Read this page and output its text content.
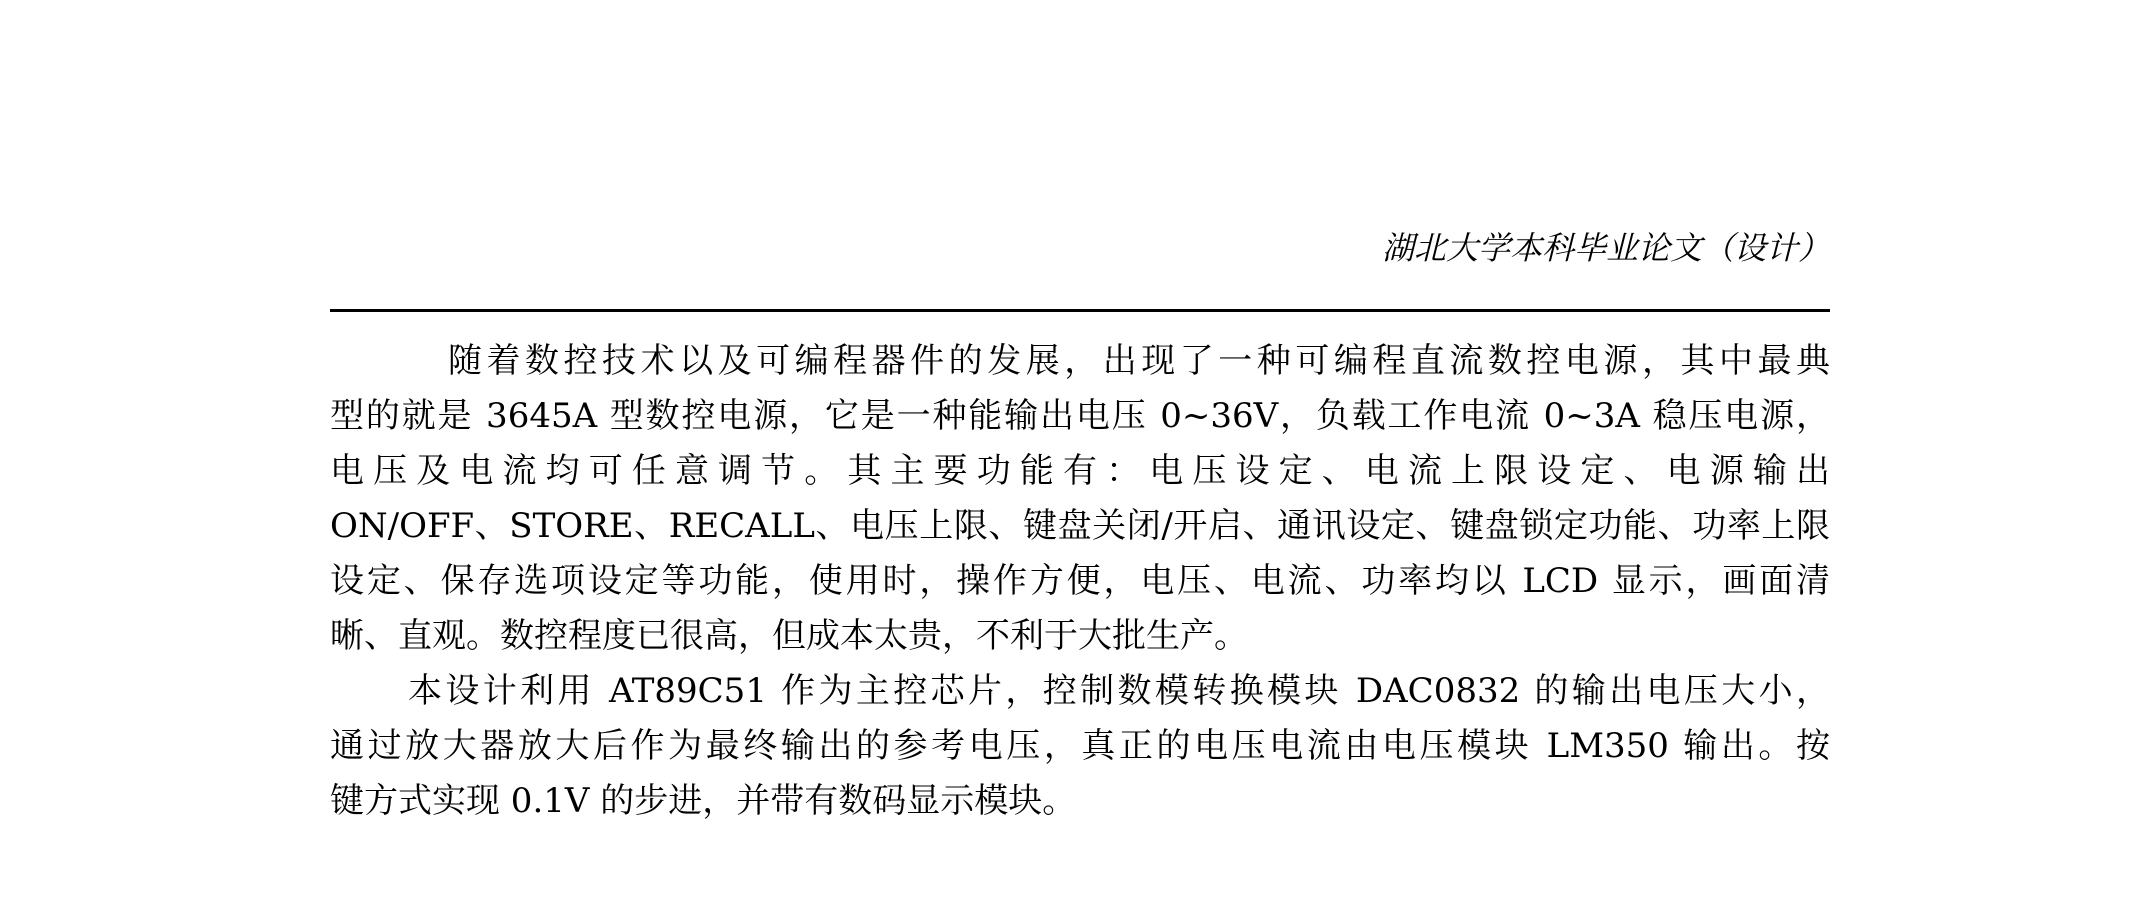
湖北大学本科毕业论文（设计）
随着数控技术以及可编程器件的发展，出现了一种可编程直流数控电源，其中最典
型的就是 3645A 型数控电源，它是一种能输出电压 0~36V，负载工作电流 0~3A 稳压电源，
电压及电流均可任意调节。其主要功能有：电压设定、电流上限设定、电源输出
ON/OFF、STORE、RECALL、电压上限、键盘关闭/开启、通讯设定、键盘锁定功能、功率上限
设定、保存选项设定等功能，使用时，操作方便，电压、电流、功率均以 LCD 显示，画面清
晰、直观。数控程度已很高，但成本太贵，不利于大批生产。
本设计利用 AT89C51 作为主控芯片，控制数模转换模块 DAC0832 的输出电压大小，
通过放大器放大后作为最终输出的参考电压，真正的电压电流由电压模块 LM350 输出。按
键方式实现 0.1V 的步进，并带有数码显示模块。
